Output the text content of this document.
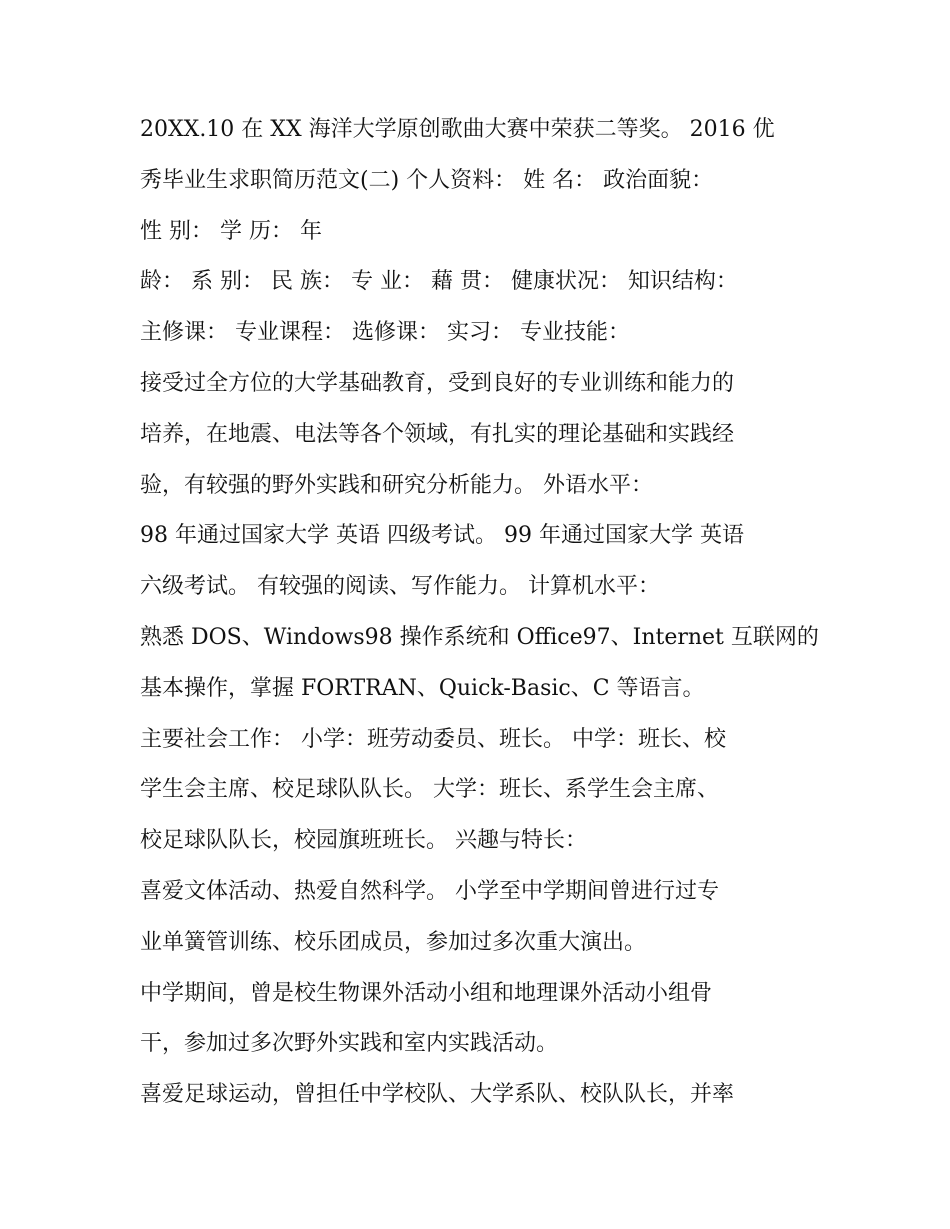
20XX.10 在 XX 海洋大学原创歌曲大赛中荣获二等奖。 2016 优
秀毕业生求职简历范文(二) 个人资料： 姓 名： 政治面貌：
性 别： 学 历： 年
龄： 系 别： 民 族： 专 业： 藉 贯： 健康状况： 知识结构：
主修课： 专业课程： 选修课： 实习： 专业技能：
接受过全方位的大学基础教育，受到良好的专业训练和能力的
培养，在地震、电法等各个领域，有扎实的理论基础和实践经
验，有较强的野外实践和研究分析能力。 外语水平：
98 年通过国家大学 英语 四级考试。 99 年通过国家大学 英语
六级考试。 有较强的阅读、写作能力。 计算机水平：
熟悉 DOS、Windows98 操作系统和 Office97、Internet 互联网的
基本操作，掌握 FORTRAN、Quick-Basic、C 等语言。
主要社会工作： 小学：班劳动委员、班长。 中学：班长、校
学生会主席、校足球队队长。 大学：班长、系学生会主席、
校足球队队长，校园旗班班长。 兴趣与特长：
喜爱文体活动、热爱自然科学。 小学至中学期间曾进行过专
业单簧管训练、校乐团成员，参加过多次重大演出。
中学期间，曾是校生物课外活动小组和地理课外活动小组骨
干，参加过多次野外实践和室内实践活动。
喜爱足球运动，曾担任中学校队、大学系队、校队队长，并率
